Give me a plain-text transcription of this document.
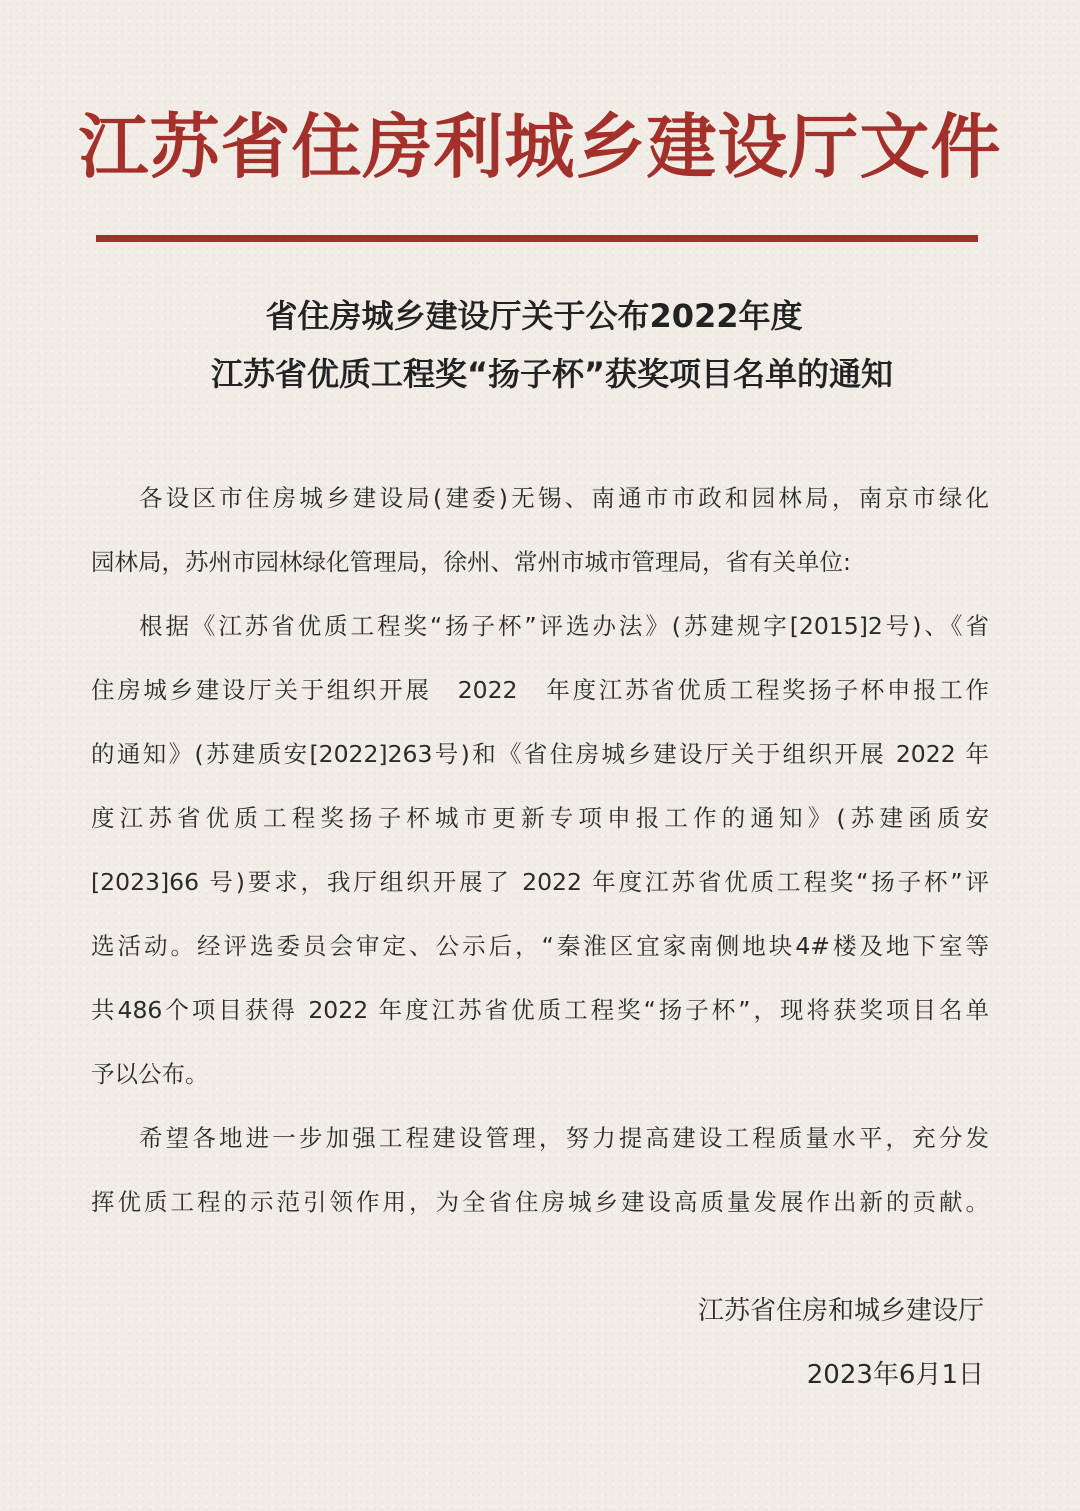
江苏省住房利城乡建设厅文件
省住房城乡建设厅关于公布2022年度
江苏省优质工程奖“扬子杯”获奖项目名单的通知
各设区市住房城乡建设局(建委)无锡、南通市市政和园林局，南京市绿化
园林局，苏州市园林绿化管理局，徐州、常州市城市管理局，省有关单位:
根据《江苏省优质工程奖“扬子杯”评选办法》(苏建规字[2015]2号)、《省
住房城乡建设厅关于组织开展　2022　年度江苏省优质工程奖扬子杯申报工作
的通知》(苏建质安[2022]263号)和《省住房城乡建设厅关于组织开展 2022 年
度江苏省优质工程奖扬子杯城市更新专项申报工作的通知》(苏建函质安
[2023]66 号)要求，我厅组织开展了 2022 年度江苏省优质工程奖“扬子杯”评
选活动。经评选委员会审定、公示后，“秦淮区宜家南侧地块4#楼及地下室等
共486个项目获得 2022 年度江苏省优质工程奖“扬子杯”，现将获奖项目名单
予以公布。
希望各地进一步加强工程建设管理，努力提高建设工程质量水平，充分发
挥优质工程的示范引领作用，为全省住房城乡建设高质量发展作出新的贡献。
江苏省住房和城乡建设厅
2023年6月1日
